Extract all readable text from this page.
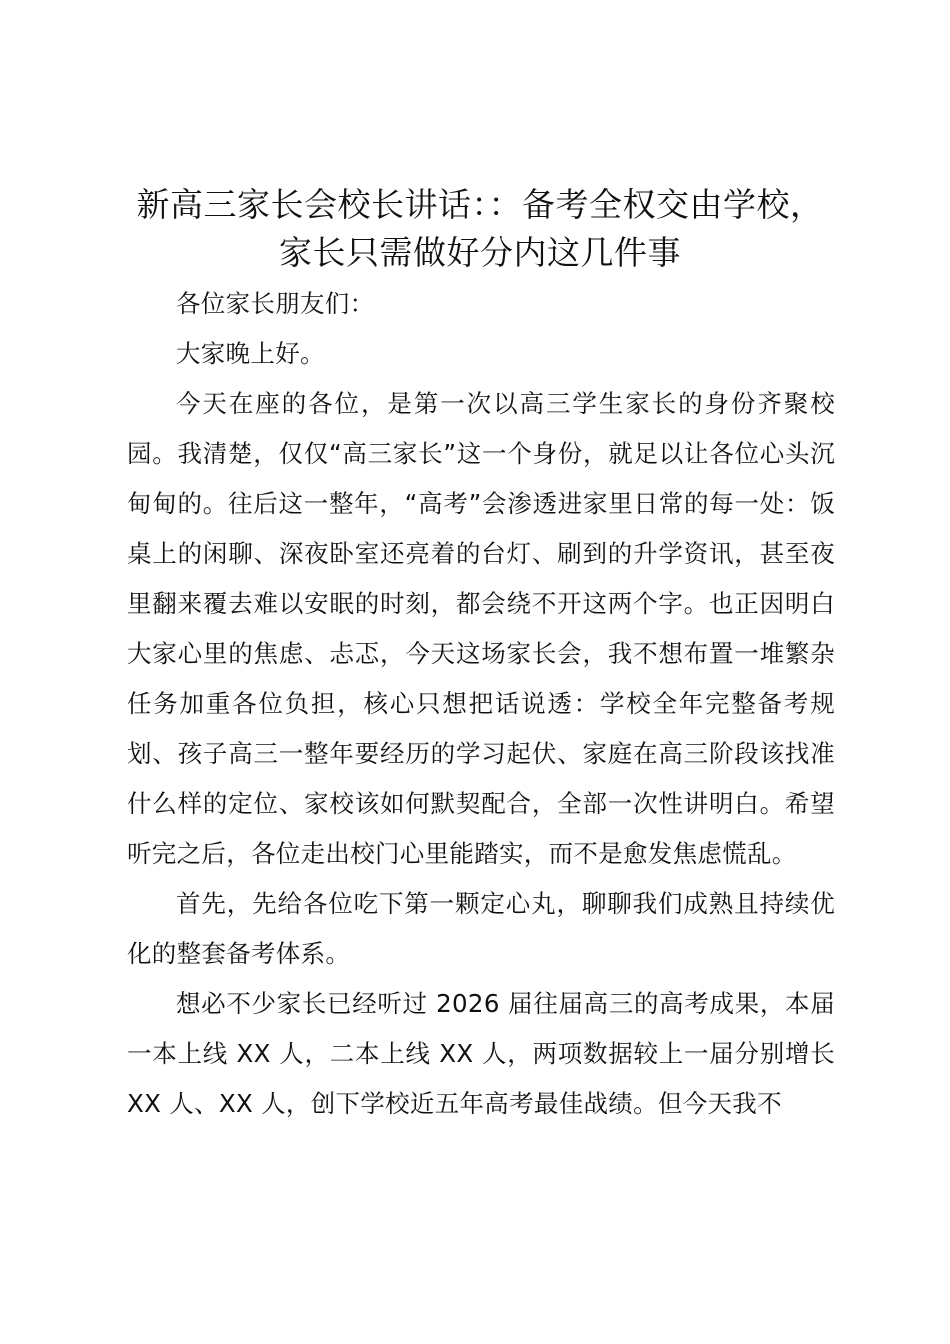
新高三家长会校长讲话：：备考全权交由学校，
家长只需做好分内这几件事

各位家长朋友们：

大家晚上好。

今天在座的各位，是第一次以高三学生家长的身份齐聚校园。我清楚，仅仅“高三家长”这一个身份，就足以让各位心头沉甸甸的。往后这一整年，“高考”会渗透进家里日常的每一处：饭桌上的闲聊、深夜卧室还亮着的台灯、刷到的升学资讯，甚至夜里翻来覆去难以安眠的时刻，都会绕不开这两个字。也正因明白大家心里的焦虑、忐忑，今天这场家长会，我不想布置一堆繁杂任务加重各位负担，核心只想把话说透：学校全年完整备考规划、孩子高三一整年要经历的学习起伏、家庭在高三阶段该找准什么样的定位、家校该如何默契配合，全部一次性讲明白。希望听完之后，各位走出校门心里能踏实，而不是愈发焦虑慌乱。

首先，先给各位吃下第一颗定心丸，聊聊我们成熟且持续优化的整套备考体系。

想必不少家长已经听过 2026 届往届高三的高考成果，本届一本上线 XX 人，二本上线 XX 人，两项数据较上一届分别增长 XX 人、XX 人，创下学校近五年高考最佳战绩。但今天我不
